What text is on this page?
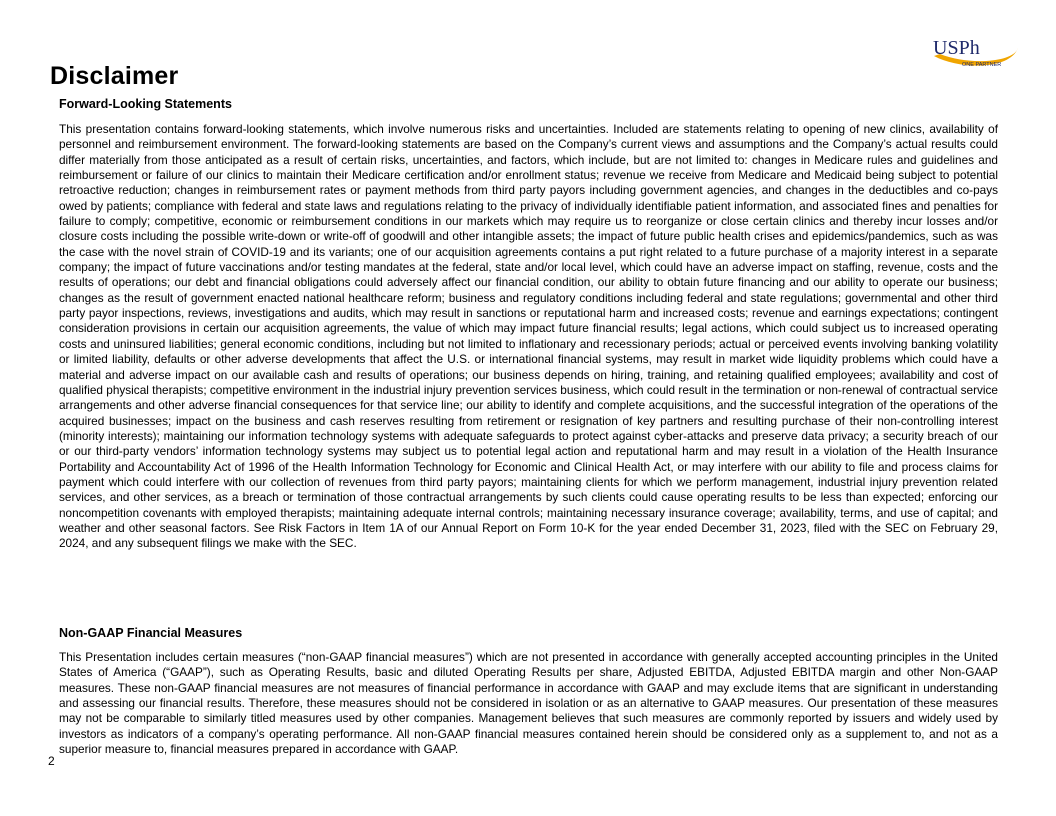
USPh
ONE PARTNER
Disclaimer
Forward-Looking Statements

This presentation contains forward-looking statements, which involve numerous risks and uncertainties. Included are statements relating to opening of new clinics, availability of personnel and reimbursement environment. The forward-looking statements are based on the Company’s current views and assumptions and the Company’s actual results could differ materially from those anticipated as a result of certain risks, uncertainties, and factors, which include, but are not limited to: changes in Medicare rules and guidelines and reimbursement or failure of our clinics to maintain their Medicare certification and/or enrollment status; revenue we receive from Medicare and Medicaid being subject to potential retroactive reduction; changes in reimbursement rates or payment methods from third party payors including government agencies, and changes in the deductibles and co-pays owed by patients; compliance with federal and state laws and regulations relating to the privacy of individually identifiable patient information, and associated fines and penalties for failure to comply; competitive, economic or reimbursement conditions in our markets which may require us to reorganize or close certain clinics and thereby incur losses and/or closure costs including the possible write-down or write-off of goodwill and other intangible assets; the impact of future public health crises and epidemics/pandemics, such as was the case with the novel strain of COVID-19 and its variants; one of our acquisition agreements contains a put right related to a future purchase of a majority interest in a separate company; the impact of future vaccinations and/or testing mandates at the federal, state and/or local level, which could have an adverse impact on staffing, revenue, costs and the results of operations; our debt and financial obligations could adversely affect our financial condition, our ability to obtain future financing and our ability to operate our business; changes as the result of government enacted national healthcare reform; business and regulatory conditions including federal and state regulations; governmental and other third party payor inspections, reviews, investigations and audits, which may result in sanctions or reputational harm and increased costs; revenue and earnings expectations; contingent consideration provisions in certain our acquisition agreements, the value of which may impact future financial results; legal actions, which could subject us to increased operating costs and uninsured liabilities; general economic conditions, including but not limited to inflationary and recessionary periods; actual or perceived events involving banking volatility or limited liability, defaults or other adverse developments that affect the U.S. or international financial systems, may result in market wide liquidity problems which could have a material and adverse impact on our available cash and results of operations; our business depends on hiring, training, and retaining qualified employees; availability and cost of qualified physical therapists; competitive environment in the industrial injury prevention services business, which could result in the termination or non-renewal of contractual service arrangements and other adverse financial consequences for that service line; our ability to identify and complete acquisitions, and the successful integration of the operations of the acquired businesses; impact on the business and cash reserves resulting from retirement or resignation of key partners and resulting purchase of their non-controlling interest (minority interests); maintaining our information technology systems with adequate safeguards to protect against cyber-attacks and preserve data privacy; a security breach of our or our third-party vendors’ information technology systems may subject us to potential legal action and reputational harm and may result in a violation of the Health Insurance Portability and Accountability Act of 1996 of the Health Information Technology for Economic and Clinical Health Act, or may interfere with our ability to file and process claims for payment which could interfere with our collection of revenues from third party payors; maintaining clients for which we perform management, industrial injury prevention related services, and other services, as a breach or termination of those contractual arrangements by such clients could cause operating results to be less than expected; enforcing our noncompetition covenants with employed therapists; maintaining adequate internal controls; maintaining necessary insurance coverage; availability, terms, and use of capital; and weather and other seasonal factors. See Risk Factors in Item 1A of our Annual Report on Form 10-K for the year ended December 31, 2023, filed with the SEC on February 29, 2024, and any subsequent filings we make with the SEC.

Non-GAAP Financial Measures

This Presentation includes certain measures (“non-GAAP financial measures”) which are not presented in accordance with generally accepted accounting principles in the United States of America (“GAAP”), such as Operating Results, basic and diluted Operating Results per share, Adjusted EBITDA, Adjusted EBITDA margin and other Non-GAAP measures. These non-GAAP financial measures are not measures of financial performance in accordance with GAAP and may exclude items that are significant in understanding and assessing our financial results. Therefore, these measures should not be considered in isolation or as an alternative to GAAP measures. Our presentation of these measures may not be comparable to similarly titled measures used by other companies. Management believes that such measures are commonly reported by issuers and widely used by investors as indicators of a company’s operating performance. All non-GAAP financial measures contained herein should be considered only as a supplement to, and not as a superior measure to, financial measures prepared in accordance with GAAP.

2
